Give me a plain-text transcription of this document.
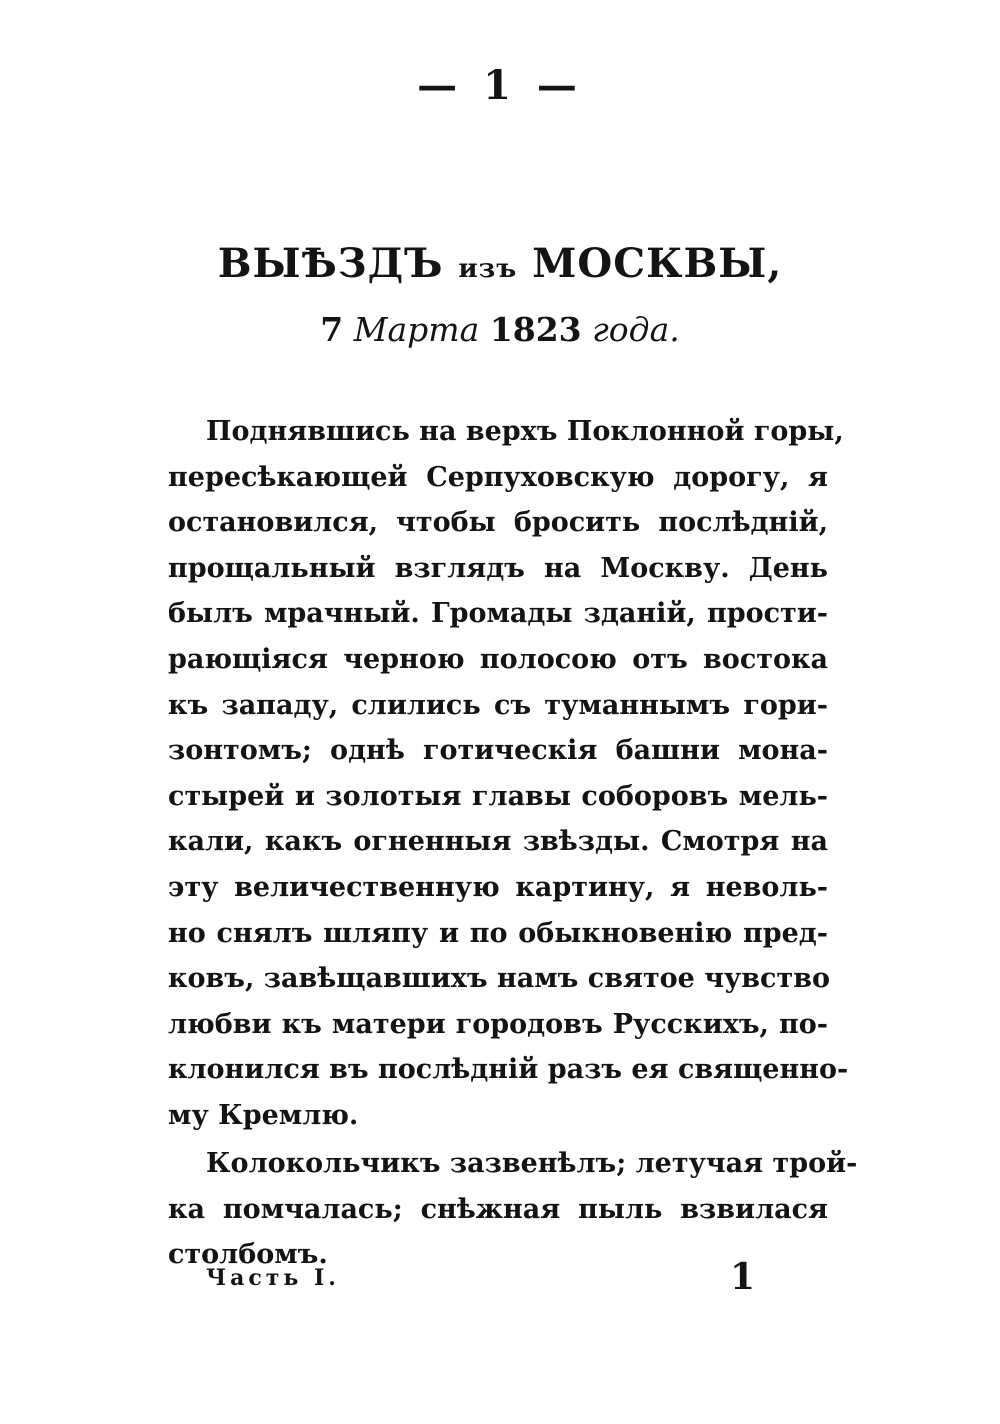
— 1 —
ВЫѢЗДЪ изъ МОСКВЫ,
7 Марта 1823 года.
Поднявшись на верхъ Поклонной горы,
пересѣкающей Серпуховскую дорогу, я
остановился, чтобы бросить послѣдній,
прощальный взглядъ на Москву. День
былъ мрачный. Громады зданій, прости-
рающіяся черною полосою отъ востока
къ западу, слились съ туманнымъ гори-
зонтомъ; однѣ готическія башни мона-
стырей и золотыя главы соборовъ мель-
кали, какъ огненныя звѣзды. Смотря на
эту величественную картину, я неволь-
но снялъ шляпу и по обыкновенію пред-
ковъ, завѣщавшихъ намъ святое чувство
любви къ матери городовъ Русскихъ, по-
клонился въ послѣдній разъ ея священно-
му Кремлю.
Колокольчикъ зазвенѣлъ; летучая трой-
ка помчалась; снѣжная пыль взвилася
столбомъ.
Часть I.	1
